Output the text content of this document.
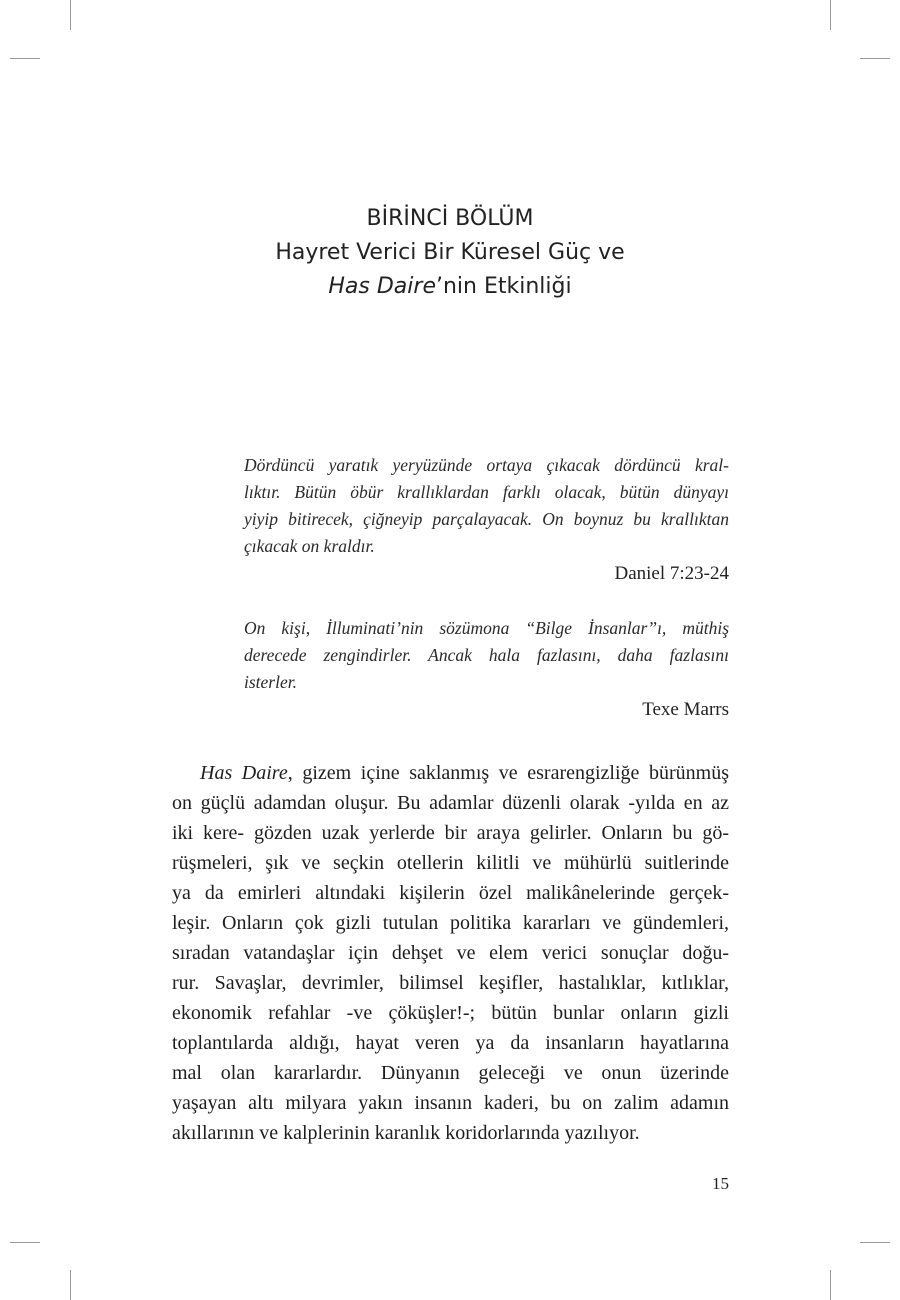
BİRİNCİ BÖLÜM
Hayret Verici Bir Küresel Güç ve
Has Daire’nin Etkinliği
Dördüncü yaratık yeryüzünde ortaya çıkacak dördüncü kral-
lıktır. Bütün öbür krallıklardan farklı olacak, bütün dünyayı
yiyip bitirecek, çiğneyip parçalayacak. On boynuz bu krallıktan
çıkacak on kraldır.
Daniel 7:23-24
On kişi, İlluminati’nin sözümona “Bilge İnsanlar”ı, müthiş
derecede zengindirler. Ancak hala fazlasını, daha fazlasını
isterler.
Texe Marrs
Has Daire, gizem içine saklanmış ve esrarengizliğe bürünmüş
on güçlü adamdan oluşur. Bu adamlar düzenli olarak -yılda en az
iki kere- gözden uzak yerlerde bir araya gelirler. Onların bu gö-
rüşmeleri, şık ve seçkin otellerin kilitli ve mühürlü suitlerinde
ya da emirleri altındaki kişilerin özel malikânelerinde gerçek-
leşir. Onların çok gizli tutulan politika kararları ve gündemleri,
sıradan vatandaşlar için dehşet ve elem verici sonuçlar doğu-
rur. Savaşlar, devrimler, bilimsel keşifler, hastalıklar, kıtlıklar,
ekonomik refahlar -ve çöküşler!-; bütün bunlar onların gizli
toplantılarda aldığı, hayat veren ya da insanların hayatlarına
mal olan kararlardır. Dünyanın geleceği ve onun üzerinde
yaşayan altı milyara yakın insanın kaderi, bu on zalim adamın
akıllarının ve kalplerinin karanlık koridorlarında yazılıyor.
15
